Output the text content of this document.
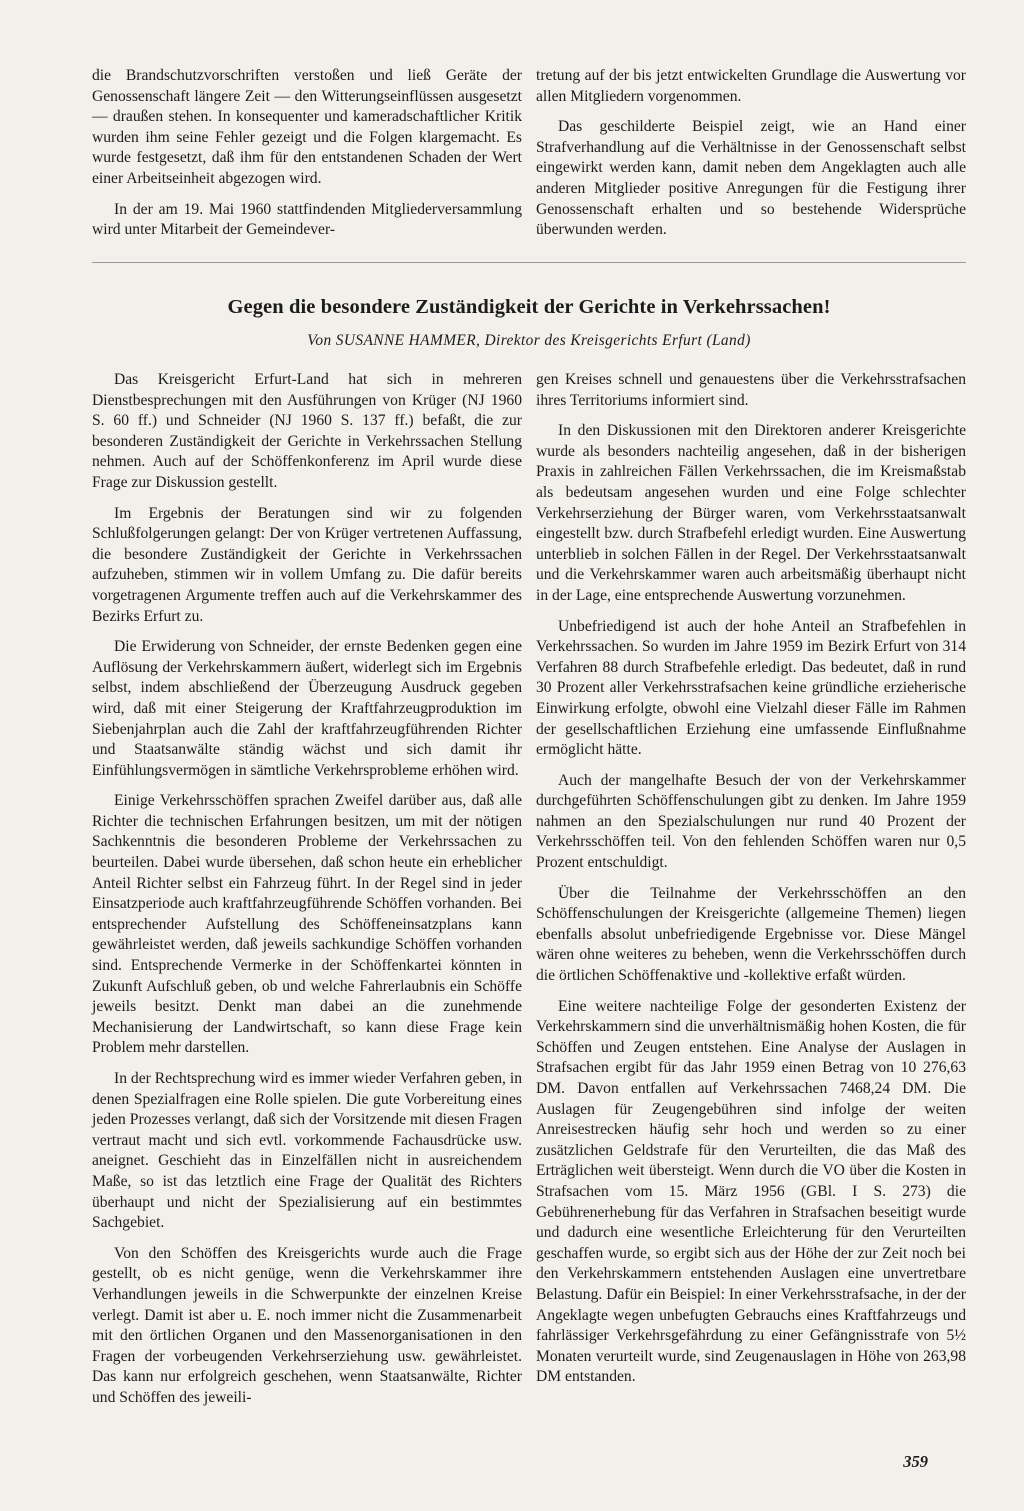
die Brandschutzvorschriften verstoßen und ließ Geräte der Genossenschaft längere Zeit — den Witterungseinflüssen ausgesetzt — draußen stehen. In konsequenter und kameradschaftlicher Kritik wurden ihm seine Fehler gezeigt und die Folgen klargemacht. Es wurde festgesetzt, daß ihm für den entstandenen Schaden der Wert einer Arbeitseinheit abgezogen wird.

In der am 19. Mai 1960 stattfindenden Mitgliederversammlung wird unter Mitarbeit der Gemeindever-

tretung auf der bis jetzt entwickelten Grundlage die Auswertung vor allen Mitgliedern vorgenommen.

Das geschilderte Beispiel zeigt, wie an Hand einer Strafverhandlung auf die Verhältnisse in der Genossenschaft selbst eingewirkt werden kann, damit neben dem Angeklagten auch alle anderen Mitglieder positive Anregungen für die Festigung ihrer Genossenschaft erhalten und so bestehende Widersprüche überwunden werden.

Gegen die besondere Zuständigkeit der Gerichte in Verkehrssachen!

Von SUSANNE HAMMER, Direktor des Kreisgerichts Erfurt (Land)

Das Kreisgericht Erfurt-Land hat sich in mehreren Dienstbesprechungen mit den Ausführungen von Krüger (NJ 1960 S. 60 ff.) und Schneider (NJ 1960 S. 137 ff.) befaßt, die zur besonderen Zuständigkeit der Gerichte in Verkehrssachen Stellung nehmen. Auch auf der Schöffenkonferenz im April wurde diese Frage zur Diskussion gestellt.

Im Ergebnis der Beratungen sind wir zu folgenden Schlußfolgerungen gelangt: Der von Krüger vertretenen Auffassung, die besondere Zuständigkeit der Gerichte in Verkehrssachen aufzuheben, stimmen wir in vollem Umfang zu. Die dafür bereits vorgetragenen Argumente treffen auch auf die Verkehrskammer des Bezirks Erfurt zu.

Die Erwiderung von Schneider, der ernste Bedenken gegen eine Auflösung der Verkehrskammern äußert, widerlegt sich im Ergebnis selbst, indem abschließend der Überzeugung Ausdruck gegeben wird, daß mit einer Steigerung der Kraftfahrzeugproduktion im Siebenjahrplan auch die Zahl der kraftfahrzeugführenden Richter und Staatsanwälte ständig wächst und sich damit ihr Einfühlungsvermögen in sämtliche Verkehrsprobleme erhöhen wird.

Einige Verkehrsschöffen sprachen Zweifel darüber aus, daß alle Richter die technischen Erfahrungen besitzen, um mit der nötigen Sachkenntnis die besonderen Probleme der Verkehrssachen zu beurteilen. Dabei wurde übersehen, daß schon heute ein erheblicher Anteil Richter selbst ein Fahrzeug führt. In der Regel sind in jeder Einsatzperiode auch kraftfahrzeugführende Schöffen vorhanden. Bei entsprechender Aufstellung des Schöffeneinsatzplans kann gewährleistet werden, daß jeweils sachkundige Schöffen vorhanden sind. Entsprechende Vermerke in der Schöffenkartei könnten in Zukunft Aufschluß geben, ob und welche Fahrerlaubnis ein Schöffe jeweils besitzt. Denkt man dabei an die zunehmende Mechanisierung der Landwirtschaft, so kann diese Frage kein Problem mehr darstellen.

In der Rechtsprechung wird es immer wieder Verfahren geben, in denen Spezialfragen eine Rolle spielen. Die gute Vorbereitung eines jeden Prozesses verlangt, daß sich der Vorsitzende mit diesen Fragen vertraut macht und sich evtl. vorkommende Fachausdrücke usw. aneignet. Geschieht das in Einzelfällen nicht in ausreichendem Maße, so ist das letztlich eine Frage der Qualität des Richters überhaupt und nicht der Spezialisierung auf ein bestimmtes Sachgebiet.

Von den Schöffen des Kreisgerichts wurde auch die Frage gestellt, ob es nicht genüge, wenn die Verkehrskammer ihre Verhandlungen jeweils in die Schwerpunkte der einzelnen Kreise verlegt. Damit ist aber u. E. noch immer nicht die Zusammenarbeit mit den örtlichen Organen und den Massenorganisationen in den Fragen der vorbeugenden Verkehrserziehung usw. gewährleistet. Das kann nur erfolgreich geschehen, wenn Staatsanwälte, Richter und Schöffen des jeweili-

gen Kreises schnell und genauestens über die Verkehrsstrafsachen ihres Territoriums informiert sind.

In den Diskussionen mit den Direktoren anderer Kreisgerichte wurde als besonders nachteilig angesehen, daß in der bisherigen Praxis in zahlreichen Fällen Verkehrssachen, die im Kreismaßstab als bedeutsam angesehen wurden und eine Folge schlechter Verkehrserziehung der Bürger waren, vom Verkehrsstaatsanwalt eingestellt bzw. durch Strafbefehl erledigt wurden. Eine Auswertung unterblieb in solchen Fällen in der Regel. Der Verkehrsstaatsanwalt und die Verkehrskammer waren auch arbeitsmäßig überhaupt nicht in der Lage, eine entsprechende Auswertung vorzunehmen.

Unbefriedigend ist auch der hohe Anteil an Strafbefehlen in Verkehrssachen. So wurden im Jahre 1959 im Bezirk Erfurt von 314 Verfahren 88 durch Strafbefehle erledigt. Das bedeutet, daß in rund 30 Prozent aller Verkehrsstrafsachen keine gründliche erzieherische Einwirkung erfolgte, obwohl eine Vielzahl dieser Fälle im Rahmen der gesellschaftlichen Erziehung eine umfassende Einflußnahme ermöglicht hätte.

Auch der mangelhafte Besuch der von der Verkehrskammer durchgeführten Schöffenschulungen gibt zu denken. Im Jahre 1959 nahmen an den Spezialschulungen nur rund 40 Prozent der Verkehrsschöffen teil. Von den fehlenden Schöffen waren nur 0,5 Prozent entschuldigt.

Über die Teilnahme der Verkehrsschöffen an den Schöffenschulungen der Kreisgerichte (allgemeine Themen) liegen ebenfalls absolut unbefriedigende Ergebnisse vor. Diese Mängel wären ohne weiteres zu beheben, wenn die Verkehrsschöffen durch die örtlichen Schöffenaktive und -kollektive erfaßt würden.

Eine weitere nachteilige Folge der gesonderten Existenz der Verkehrskammern sind die unverhältnismäßig hohen Kosten, die für Schöffen und Zeugen entstehen. Eine Analyse der Auslagen in Strafsachen ergibt für das Jahr 1959 einen Betrag von 10 276,63 DM. Davon entfallen auf Verkehrssachen 7468,24 DM. Die Auslagen für Zeugengebühren sind infolge der weiten Anreisestrecken häufig sehr hoch und werden so zu einer zusätzlichen Geldstrafe für den Verurteilten, die das Maß des Erträglichen weit übersteigt. Wenn durch die VO über die Kosten in Strafsachen vom 15. März 1956 (GBl. I S. 273) die Gebührenerhebung für das Verfahren in Strafsachen beseitigt wurde und dadurch eine wesentliche Erleichterung für den Verurteilten geschaffen wurde, so ergibt sich aus der Höhe der zur Zeit noch bei den Verkehrskammern entstehenden Auslagen eine unvertretbare Belastung. Dafür ein Beispiel: In einer Verkehrsstrafsache, in der der Angeklagte wegen unbefugten Gebrauchs eines Kraftfahrzeugs und fahrlässiger Verkehrsgefährdung zu einer Gefängnisstrafe von 5½ Monaten verurteilt wurde, sind Zeugenauslagen in Höhe von 263,98 DM entstanden.

359
